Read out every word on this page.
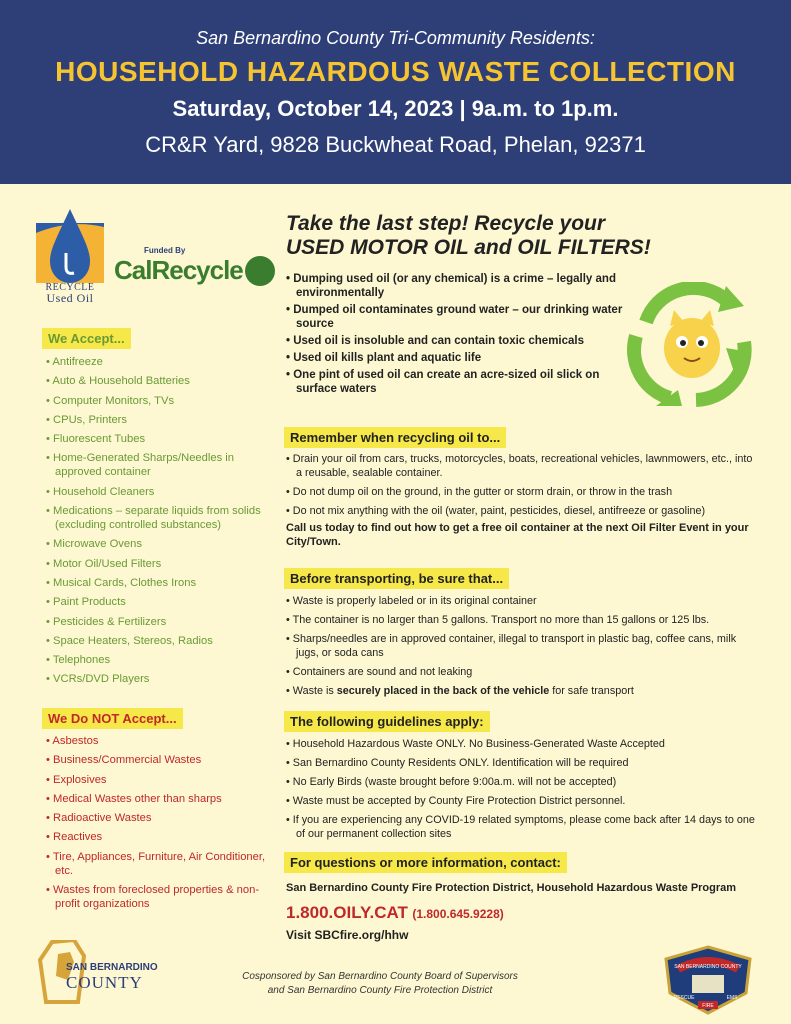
San Bernardino County Tri-Community Residents:
HOUSEHOLD HAZARDOUS WASTE COLLECTION
Saturday, October 14, 2023 | 9a.m. to 1p.m.
CR&R Yard, 9828 Buckwheat Road, Phelan, 92371
RECYCLE
Used Oil
Funded By
CalRecycle
We Accept...
• Antifreeze
• Auto & Household Batteries
• Computer Monitors, TVs
• CPUs, Printers
• Fluorescent Tubes
• Home-Generated Sharps/Needles in approved container
• Household Cleaners
• Medications – separate liquids from solids (excluding controlled substances)
• Microwave Ovens
• Motor Oil/Used Filters
• Musical Cards, Clothes Irons
• Paint Products
• Pesticides & Fertilizers
• Space Heaters, Stereos, Radios
• Telephones
• VCRs/DVD Players
We Do NOT Accept...
• Asbestos
• Business/Commercial Wastes
• Explosives
• Medical Wastes other than sharps
• Radioactive Wastes
• Reactives
• Tire, Appliances, Furniture, Air Conditioner, etc.
• Wastes from foreclosed properties & non-profit organizations
Take the last step! Recycle your
USED MOTOR OIL and OIL FILTERS!
• Dumping used oil (or any chemical) is a crime – legally and environmentally
• Dumped oil contaminates ground water – our drinking water source
• Used oil is insoluble and can contain toxic chemicals
• Used oil kills plant and aquatic life
• One pint of used oil can create an acre-sized oil slick on surface waters
Remember when recycling oil to...
• Drain your oil from cars, trucks, motorcycles, boats, recreational vehicles, lawnmowers, etc., into a reusable, sealable container.
• Do not dump oil on the ground, in the gutter or storm drain, or throw in the trash
• Do not mix anything with the oil (water, paint, pesticides, diesel, antifreeze or gasoline)
Call us today to find out how to get a free oil container at the next Oil Filter Event in your City/Town.
Before transporting, be sure that...
• Waste is properly labeled or in its original container
• The container is no larger than 5 gallons. Transport no more than 15 gallons or 125 lbs.
• Sharps/needles are in approved container, illegal to transport in plastic bag, coffee cans, milk jugs, or soda cans
• Containers are sound and not leaking
• Waste is securely placed in the back of the vehicle for safe transport
The following guidelines apply:
• Household Hazardous Waste ONLY. No Business-Generated Waste Accepted
• San Bernardino County Residents ONLY. Identification will be required
• No Early Birds (waste brought before 9:00a.m. will not be accepted)
• Waste must be accepted by County Fire Protection District personnel.
• If you are experiencing any COVID-19 related symptoms, please come back after 14 days to one of our permanent collection sites
For questions or more information, contact:
San Bernardino County Fire Protection District, Household Hazardous Waste Program
1.800.OILY.CAT (1.800.645.9228)
Visit SBCfire.org/hhw
SAN BERNARDINO
COUNTY	Cosponsored by San Bernardino County Board of Supervisors
and San Bernardino County Fire Protection District
SAN BERNARDINO COUNTY
RESCUE	EMS
FIRE
